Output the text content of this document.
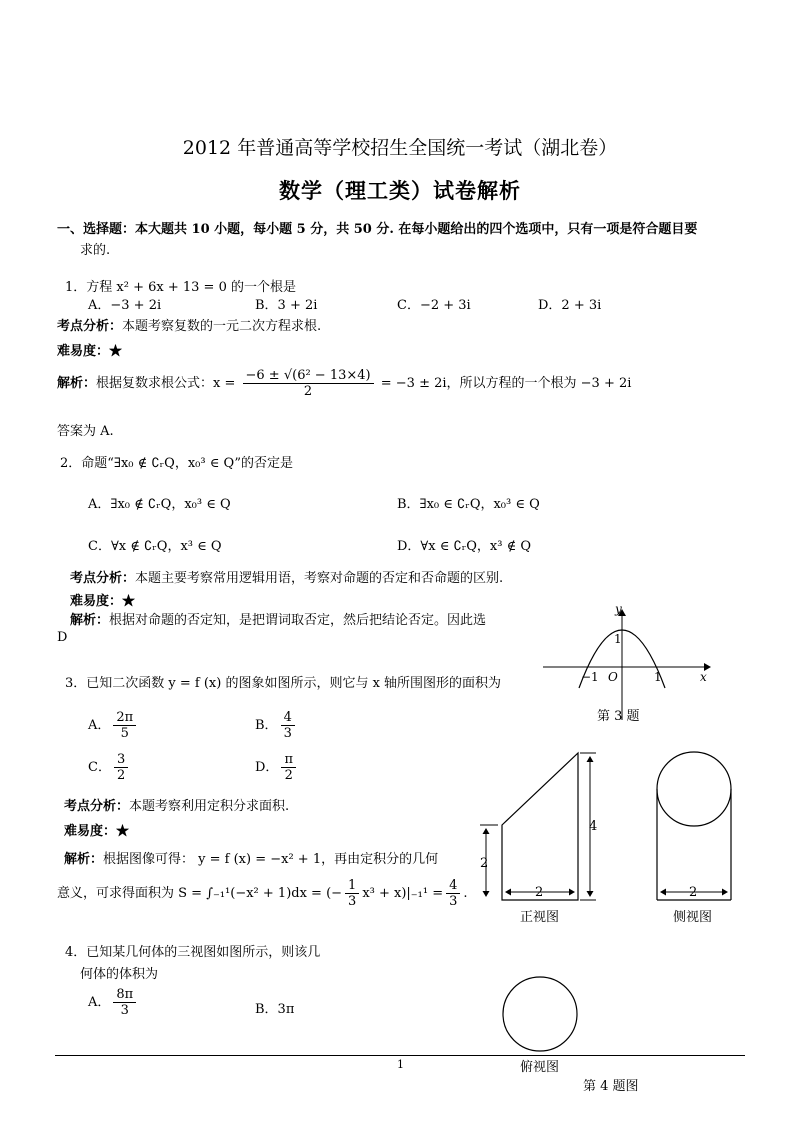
2012 年普通高等学校招生全国统一考试（湖北卷）
数学（理工类）试卷解析
一、选择题：本大题共 10 小题，每小题 5 分，共 50 分. 在每小题给出的四个选项中，只有一项是符合题目要
求的.
1．方程 x² + 6x + 13 = 0 的一个根是
A．−3 + 2i	B．3 + 2i	C．−2 + 3i	D．2 + 3i
考点分析：本题考察复数的一元二次方程求根.
难易度：★
解析：根据复数求根公式：$x = \frac{\text{−6 ± √(6² − 13×4)}}{2} = -3 \pm 2i$，所以方程的一个根为 −3 + 2i
答案为 A.
2．命题“∃x₀ ∉ ∁ᵣQ，x₀³ ∈ Q”的否定是
A．∃x₀ ∉ ∁ᵣQ，x₀³ ∈ Q	B．∃x₀ ∈ ∁ᵣQ，x₀³ ∈ Q
C．∀x ∉ ∁ᵣQ，x³ ∈ Q	D．∀x ∈ ∁ᵣQ，x³ ∉ Q
考点分析：本题主要考察常用逻辑用语，考察对命题的否定和否命题的区别.
难易度：★
解析：根据对命题的否定知，是把谓词取否定，然后把结论否定。因此选
D
3．已知二次函数 y = f (x) 的图象如图所示，则它与 x 轴所围图形的面积为
A． $\frac{2\pi}{5}$	B． $\frac{4}{3}$
C． $\frac{3}{2}$	D． $\frac{\pi}{2}$
考点分析：本题考察利用定积分求面积.
难易度：★
解析：根据图像可得： y = f (x) = −x² + 1，再由定积分的几何
意义，可求得面积为 S = ∫₋₁¹(−x² + 1)dx = (− $\frac{1}{3} x^3 + x)|_{-1}^1 = \frac{4}{3}$ .
y
x
O
−1	1
1
第 3 题
4
2
2	2
正视图	侧视图
4．已知某几何体的三视图如图所示，则该几
何体的体积为
A． $\frac{8\pi}{3}$	B．3π
1	俯视图
第 4 题图
